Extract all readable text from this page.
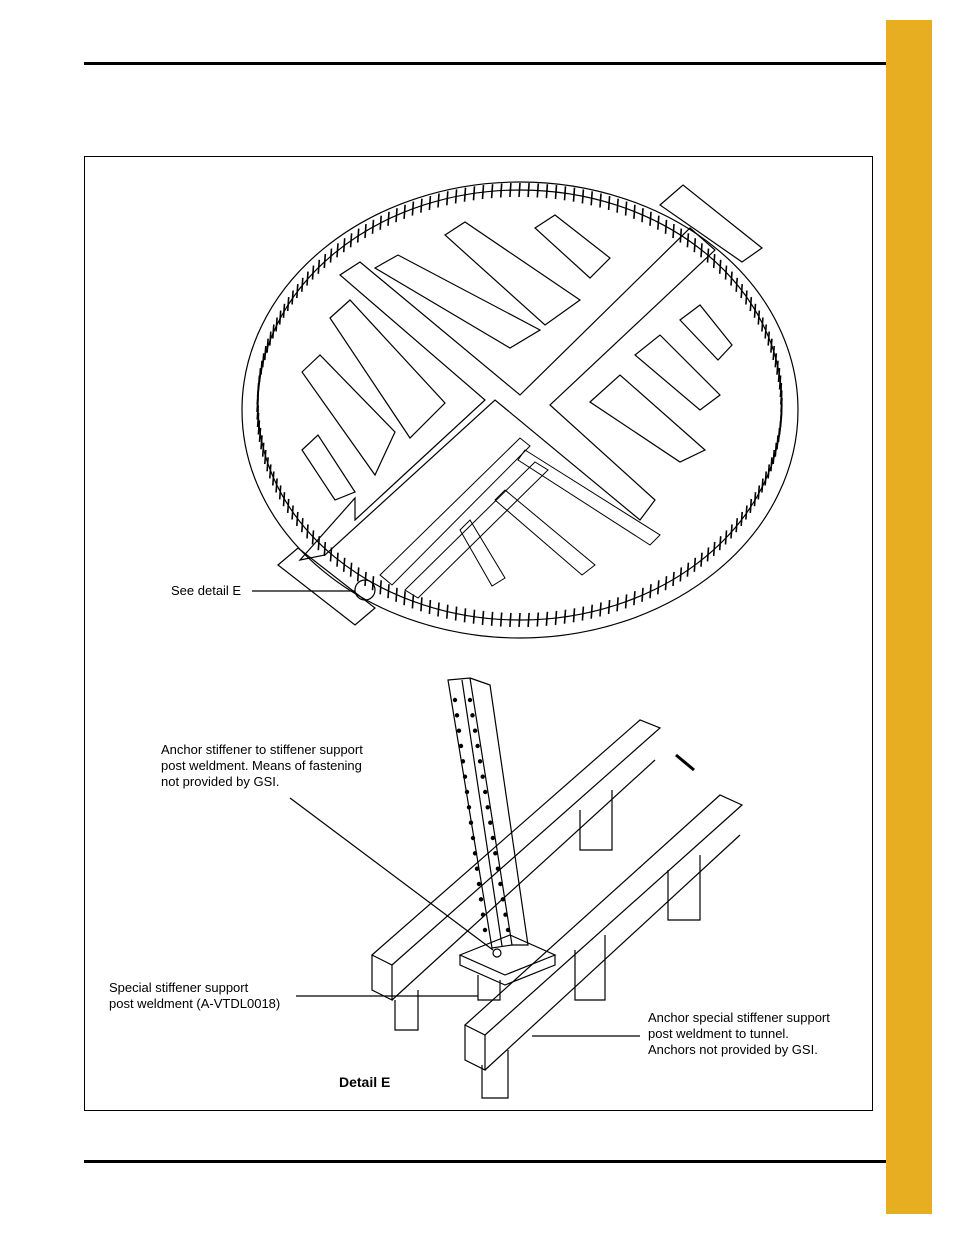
See detail E
Anchor stiffener to stiffener support
post weldment. Means of fastening
not provided by GSI.
Special stiffener support
post weldment (A-VTDL0018)
Anchor special stiffener support
post weldment to tunnel.
Anchors not provided by GSI.
Detail E
